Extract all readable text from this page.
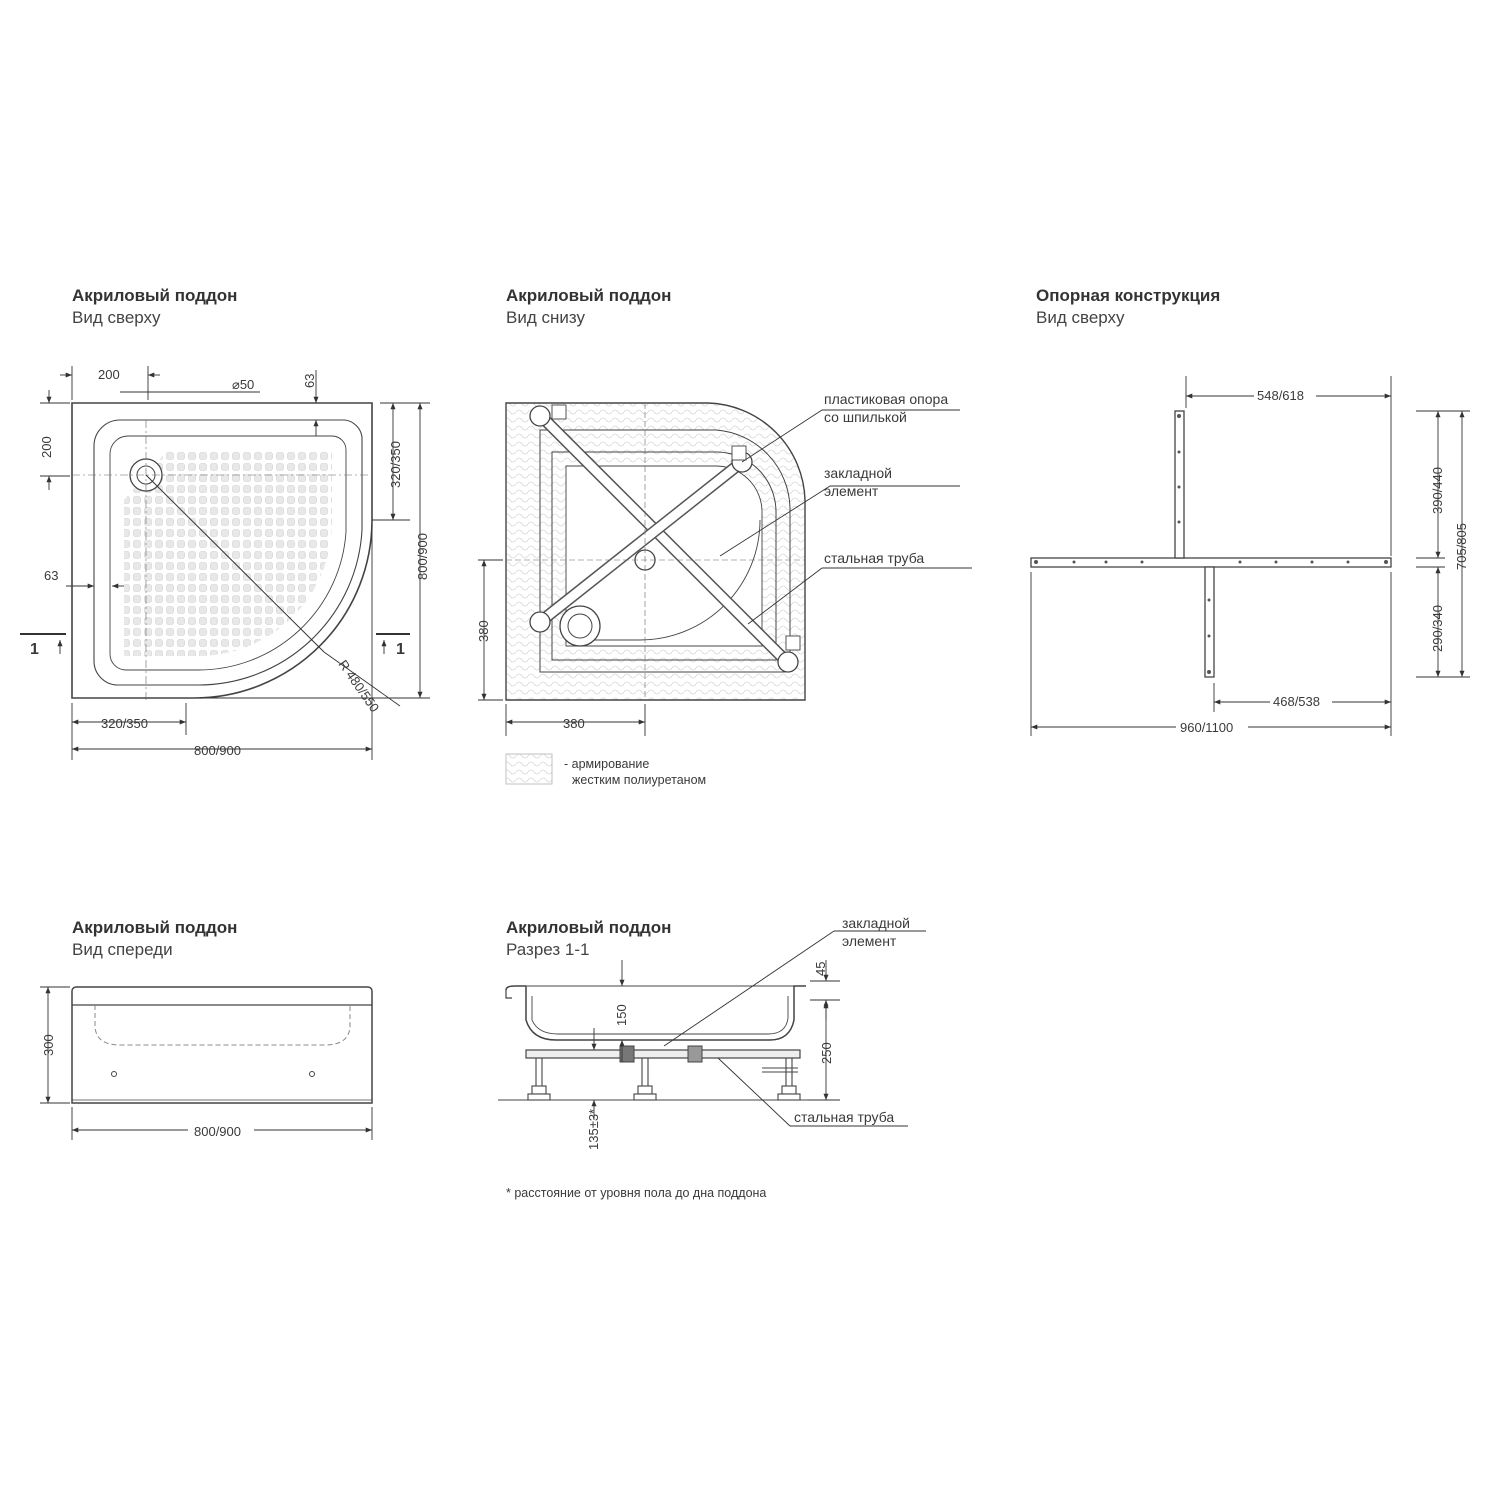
Акриловый поддон
Вид сверху
Акриловый поддон
Вид снизу
Опорная конструкция
Вид сверху
Акриловый поддон
Вид спереди
Акриловый поддон
Разрез 1-1
200
200
⌀50	63
320/350
800/900
63
R 480/550
320/350
800/900
1	1
пластиковая опора
со шпилькой
закладной
элемент
стальная труба
380
380
- армирование
жестким полиуретаном
548/618
390/440
705/805
290/340
468/538
960/1100
300
800/900
закладной
элемент
стальная труба
45
150
250
135±3*
* расстояние от уровня пола до дна поддона
